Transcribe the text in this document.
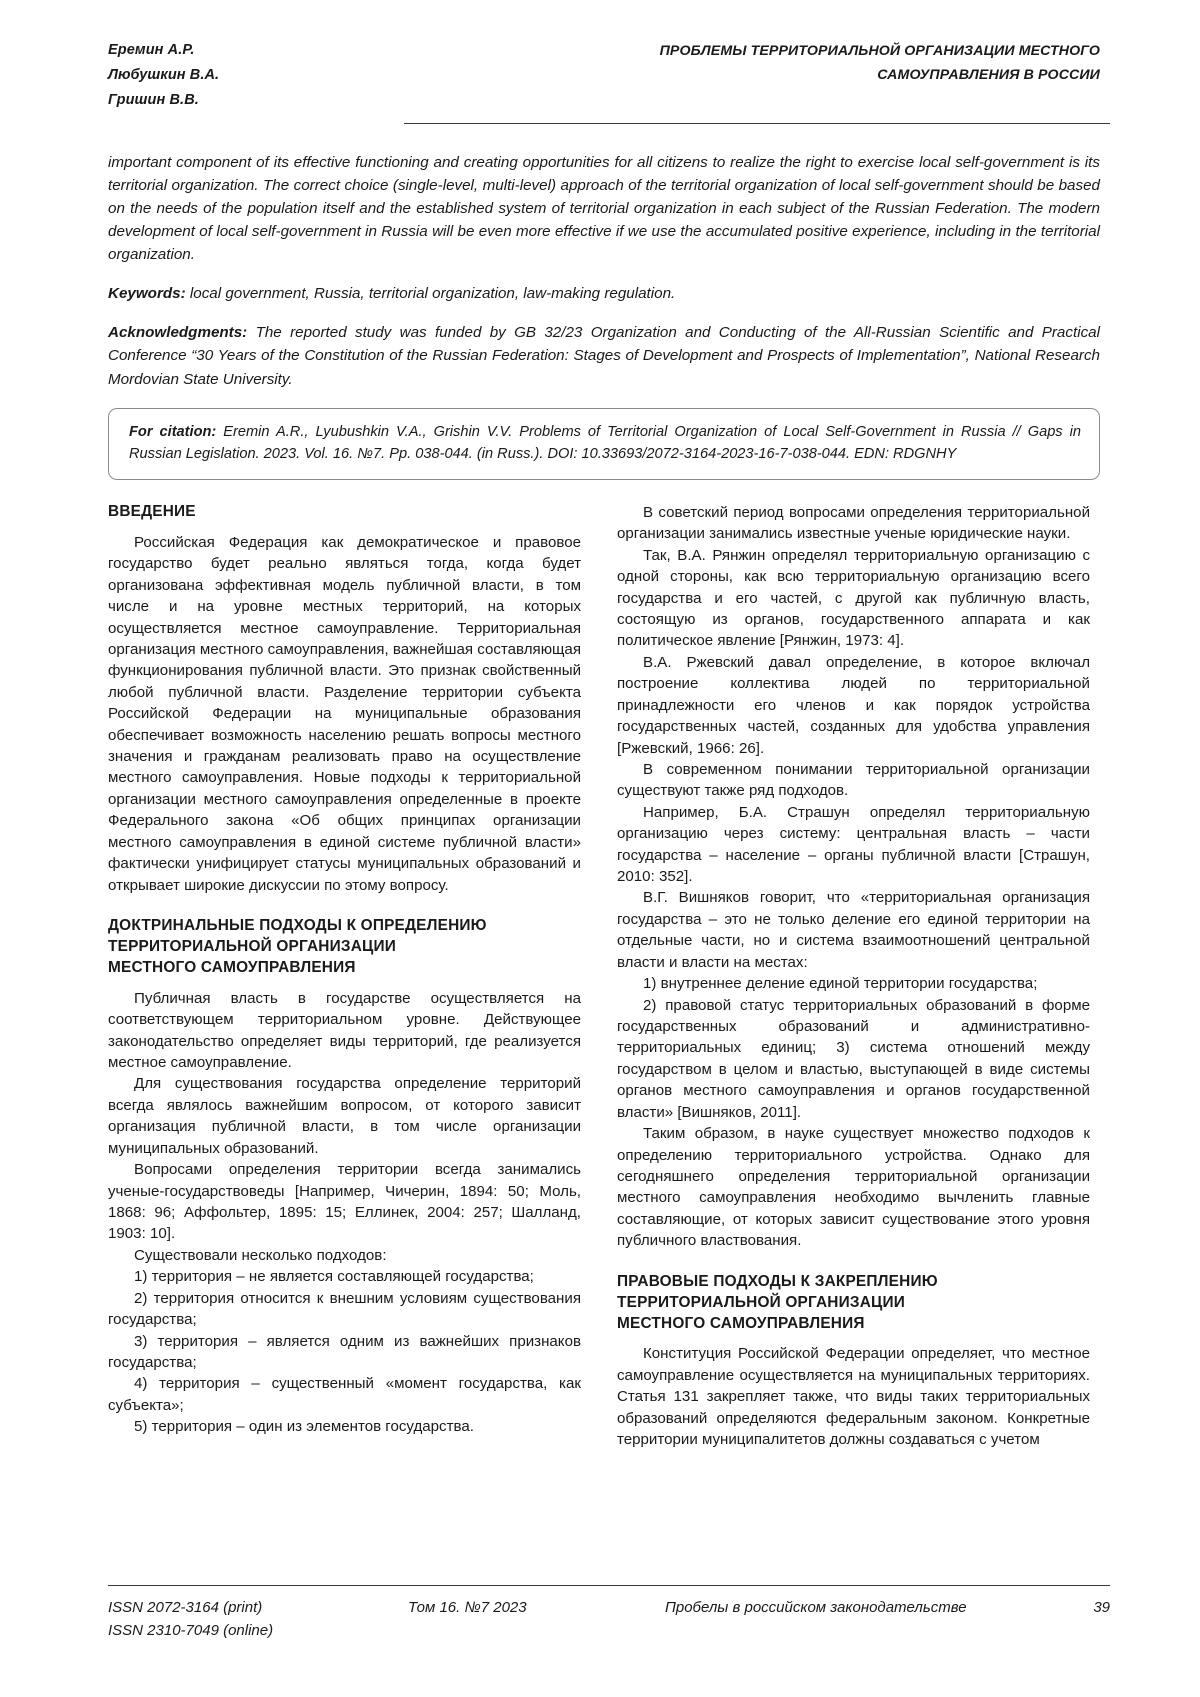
Еремин А.Р.
Любушкин В.А.
Гришин В.В.
ПРОБЛЕМЫ ТЕРРИТОРИАЛЬНОЙ ОРГАНИЗАЦИИ МЕСТНОГО
САМОУПРАВЛЕНИЯ В РОССИИ
important component of its effective functioning and creating opportunities for all citizens to realize the right to exercise local self-government is its territorial organization. The correct choice (single-level, multi-level) approach of the territorial organization of local self-government should be based on the needs of the population itself and the established system of territorial organization in each subject of the Russian Federation. The modern development of local self-government in Russia will be even more effective if we use the accumulated positive experience, including in the territorial organization.
Keywords: local government, Russia, territorial organization, law-making regulation.
Acknowledgments: The reported study was funded by GB 32/23 Organization and Conducting of the All-Russian Scientific and Practical Conference “30 Years of the Constitution of the Russian Federation: Stages of Development and Prospects of Implementation”, National Research Mordovian State University.
For citation: Eremin A.R., Lyubushkin V.A., Grishin V.V. Problems of Territorial Organization of Local Self-Government in Russia // Gaps in Russian Legislation. 2023. Vol. 16. №7. Pp. 038-044. (in Russ.). DOI: 10.33693/2072-3164-2023-16-7-038-044. EDN: RDGNHY
ВВЕДЕНИЕ

Российская Федерация как демократическое и правовое государство будет реально являться тогда, когда будет организована эффективная модель публичной власти, в том числе и на уровне местных территорий, на которых осуществляется местное самоуправление. Территориальная организация местного самоуправления, важнейшая составляющая функционирования публичной власти. Это признак свойственный любой публичной власти. Разделение территории субъекта Российской Федерации на муниципальные образования обеспечивает возможность населению решать вопросы местного значения и гражданам реализовать право на осуществление местного самоуправления. Новые подходы к территориальной организации местного самоуправления определенные в проекте Федерального закона «Об общих принципах организации местного самоуправления в единой системе публичной власти» фактически унифицирует статусы муниципальных образований и открывает широкие дискуссии по этому вопросу.

ДОКТРИНАЛЬНЫЕ ПОДХОДЫ К ОПРЕДЕЛЕНИЮ
ТЕРРИТОРИАЛЬНОЙ ОРГАНИЗАЦИИ
МЕСТНОГО САМОУПРАВЛЕНИЯ

Публичная власть в государстве осуществляется на соответствующем территориальном уровне. Действующее законодательство определяет виды территорий, где реализуется местное самоуправление.

Для существования государства определение территорий всегда являлось важнейшим вопросом, от которого зависит организация публичной власти, в том числе организации муниципальных образований.

Вопросами определения территории всегда занимались ученые-государствоведы [Например, Чичерин, 1894: 50; Моль, 1868: 96; Аффольтер, 1895: 15; Еллинек, 2004: 257; Шалланд, 1903: 10].

Существовали несколько подходов:

1) территория – не является составляющей государства;

2) территория относится к внешним условиям существования государства;

3) территория – является одним из важнейших признаков государства;

4) территория – существенный «момент государства, как субъекта»;

5) территория – один из элементов государства.

В советский период вопросами определения территориальной организации занимались известные ученые юридические науки.

Так, В.А. Рянжин определял территориальную организацию с одной стороны, как всю территориальную организацию всего государства и его частей, с другой как публичную власть, состоящую из органов, государственного аппарата и как политическое явление [Рянжин, 1973: 4].

В.А. Ржевский давал определение, в которое включал построение коллектива людей по территориальной принадлежности его членов и как порядок устройства государственных частей, созданных для удобства управления [Ржевский, 1966: 26].

В современном понимании территориальной организации существуют также ряд подходов.

Например, Б.А. Страшун определял территориальную организацию через систему: центральная власть – части государства – население – органы публичной власти [Страшун, 2010: 352].

В.Г. Вишняков говорит, что «территориальная организация государства – это не только деление его единой территории на отдельные части, но и система взаимоотношений центральной власти и власти на местах:

1) внутреннее деление единой территории государства;

2) правовой статус территориальных образований в форме государственных образований и административно-территориальных единиц; 3) система отношений между государством в целом и властью, выступающей в виде системы органов местного самоуправления и органов государственной власти» [Вишняков, 2011].

Таким образом, в науке существует множество подходов к определению территориального устройства. Однако для сегодняшнего определения территориальной организации местного самоуправления необходимо вычленить главные составляющие, от которых зависит существование этого уровня публичного властвования.

ПРАВОВЫЕ ПОДХОДЫ К ЗАКРЕПЛЕНИЮ
ТЕРРИТОРИАЛЬНОЙ ОРГАНИЗАЦИИ
МЕСТНОГО САМОУПРАВЛЕНИЯ

Конституция Российской Федерации определяет, что местное самоуправление осуществляется на муниципальных территориях. Статья 131 закрепляет также, что виды таких территориальных образований определяются федеральным законом. Конкретные территории муниципалитетов должны создаваться с учетом

ISSN 2072-3164 (print)
ISSN 2310-7049 (online)
Том 16. №7 2023	Пробелы в российском законодательстве	39
